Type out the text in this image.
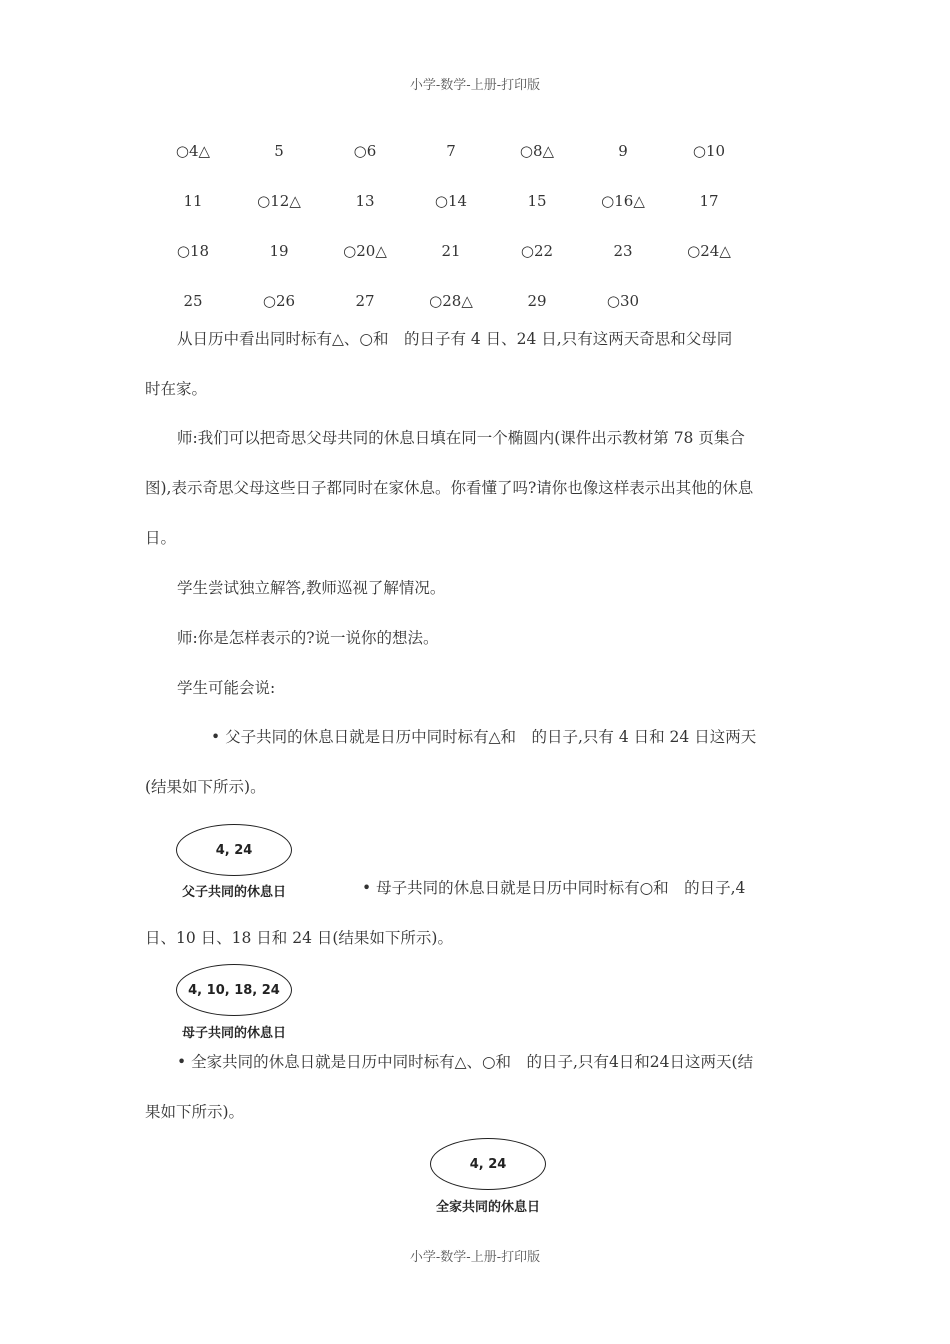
小学-数学-上册-打印版
○4△	5	○6	7	○8△	9	○10
11	○12△	13	○14	15	○16△	17
○18	19	○20△	21	○22	23	○24△
25	○26	27	○28△	29	○30
从日历中看出同时标有△、○和　的日子有 4 日、24 日,只有这两天奇思和父母同
时在家。
师:我们可以把奇思父母共同的休息日填在同一个椭圆内(课件出示教材第 78 页集合
图),表示奇思父母这些日子都同时在家休息。你看懂了吗?请你也像这样表示出其他的休息
日。
学生尝试独立解答,教师巡视了解情况。
师:你是怎样表示的?说一说你的想法。
学生可能会说:
• 父子共同的休息日就是日历中同时标有△和　的日子,只有 4 日和 24 日这两天
(结果如下所示)。
4, 24
父子共同的休息日	• 母子共同的休息日就是日历中同时标有○和　的日子,4
日、10 日、18 日和 24 日(结果如下所示)。
4, 10, 18, 24
母子共同的休息日
• 全家共同的休息日就是日历中同时标有△、○和　的日子,只有4日和24日这两天(结
果如下所示)。
4, 24
全家共同的休息日
小学-数学-上册-打印版
